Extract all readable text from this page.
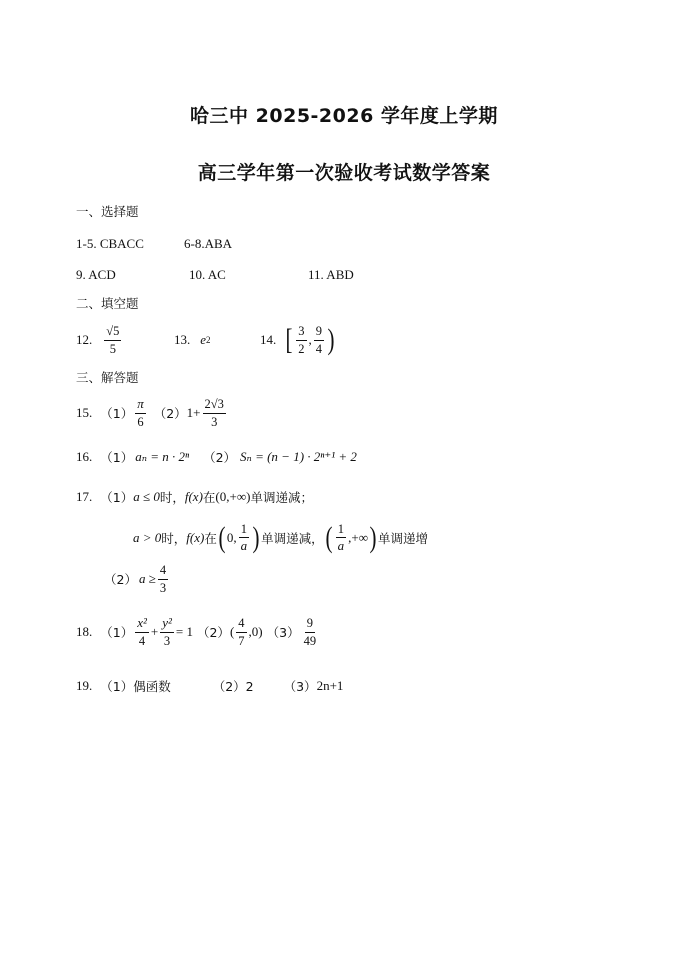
哈三中 2025-2026 学年度上学期
高三学年第一次验收考试数学答案
一、选择题
1-5. CBACC	6-8.ABA
9. ACD	10. AC	11. ABD
二、填空题
12. $\frac{√5}{5}$	13. e 2	14. [ $\frac{3}{2}$ , $\frac{9}{4}$ )
三、解答题
15. $(1) \frac{\pi}{6} (2)$ $1+ \frac{2√3}{3}$
16. （1） aₙ = n · 2ⁿ （2） Sₙ = (n − 1) · 2ⁿ⁺¹ + 2
17. （1） a ≤ 0 时， f(x) 在 (0,+∞) 单调递减；
a > 0 时， f(x) 在 ( 0, $\frac{1}{a}$ ) 单调递减， ( $\frac{1}{a}$ ,+∞ ) 单调递增
（2） $a \ge \frac{4}{3}$
18. $(1) \frac{\text{x²}}{4} + \frac{\text{y²}}{3} = 1$ （2） ( $\frac{4}{7} ,0$) $(3) \frac{9}{49}$
19. （1）偶函数	（2）2 （3） 2n+1
